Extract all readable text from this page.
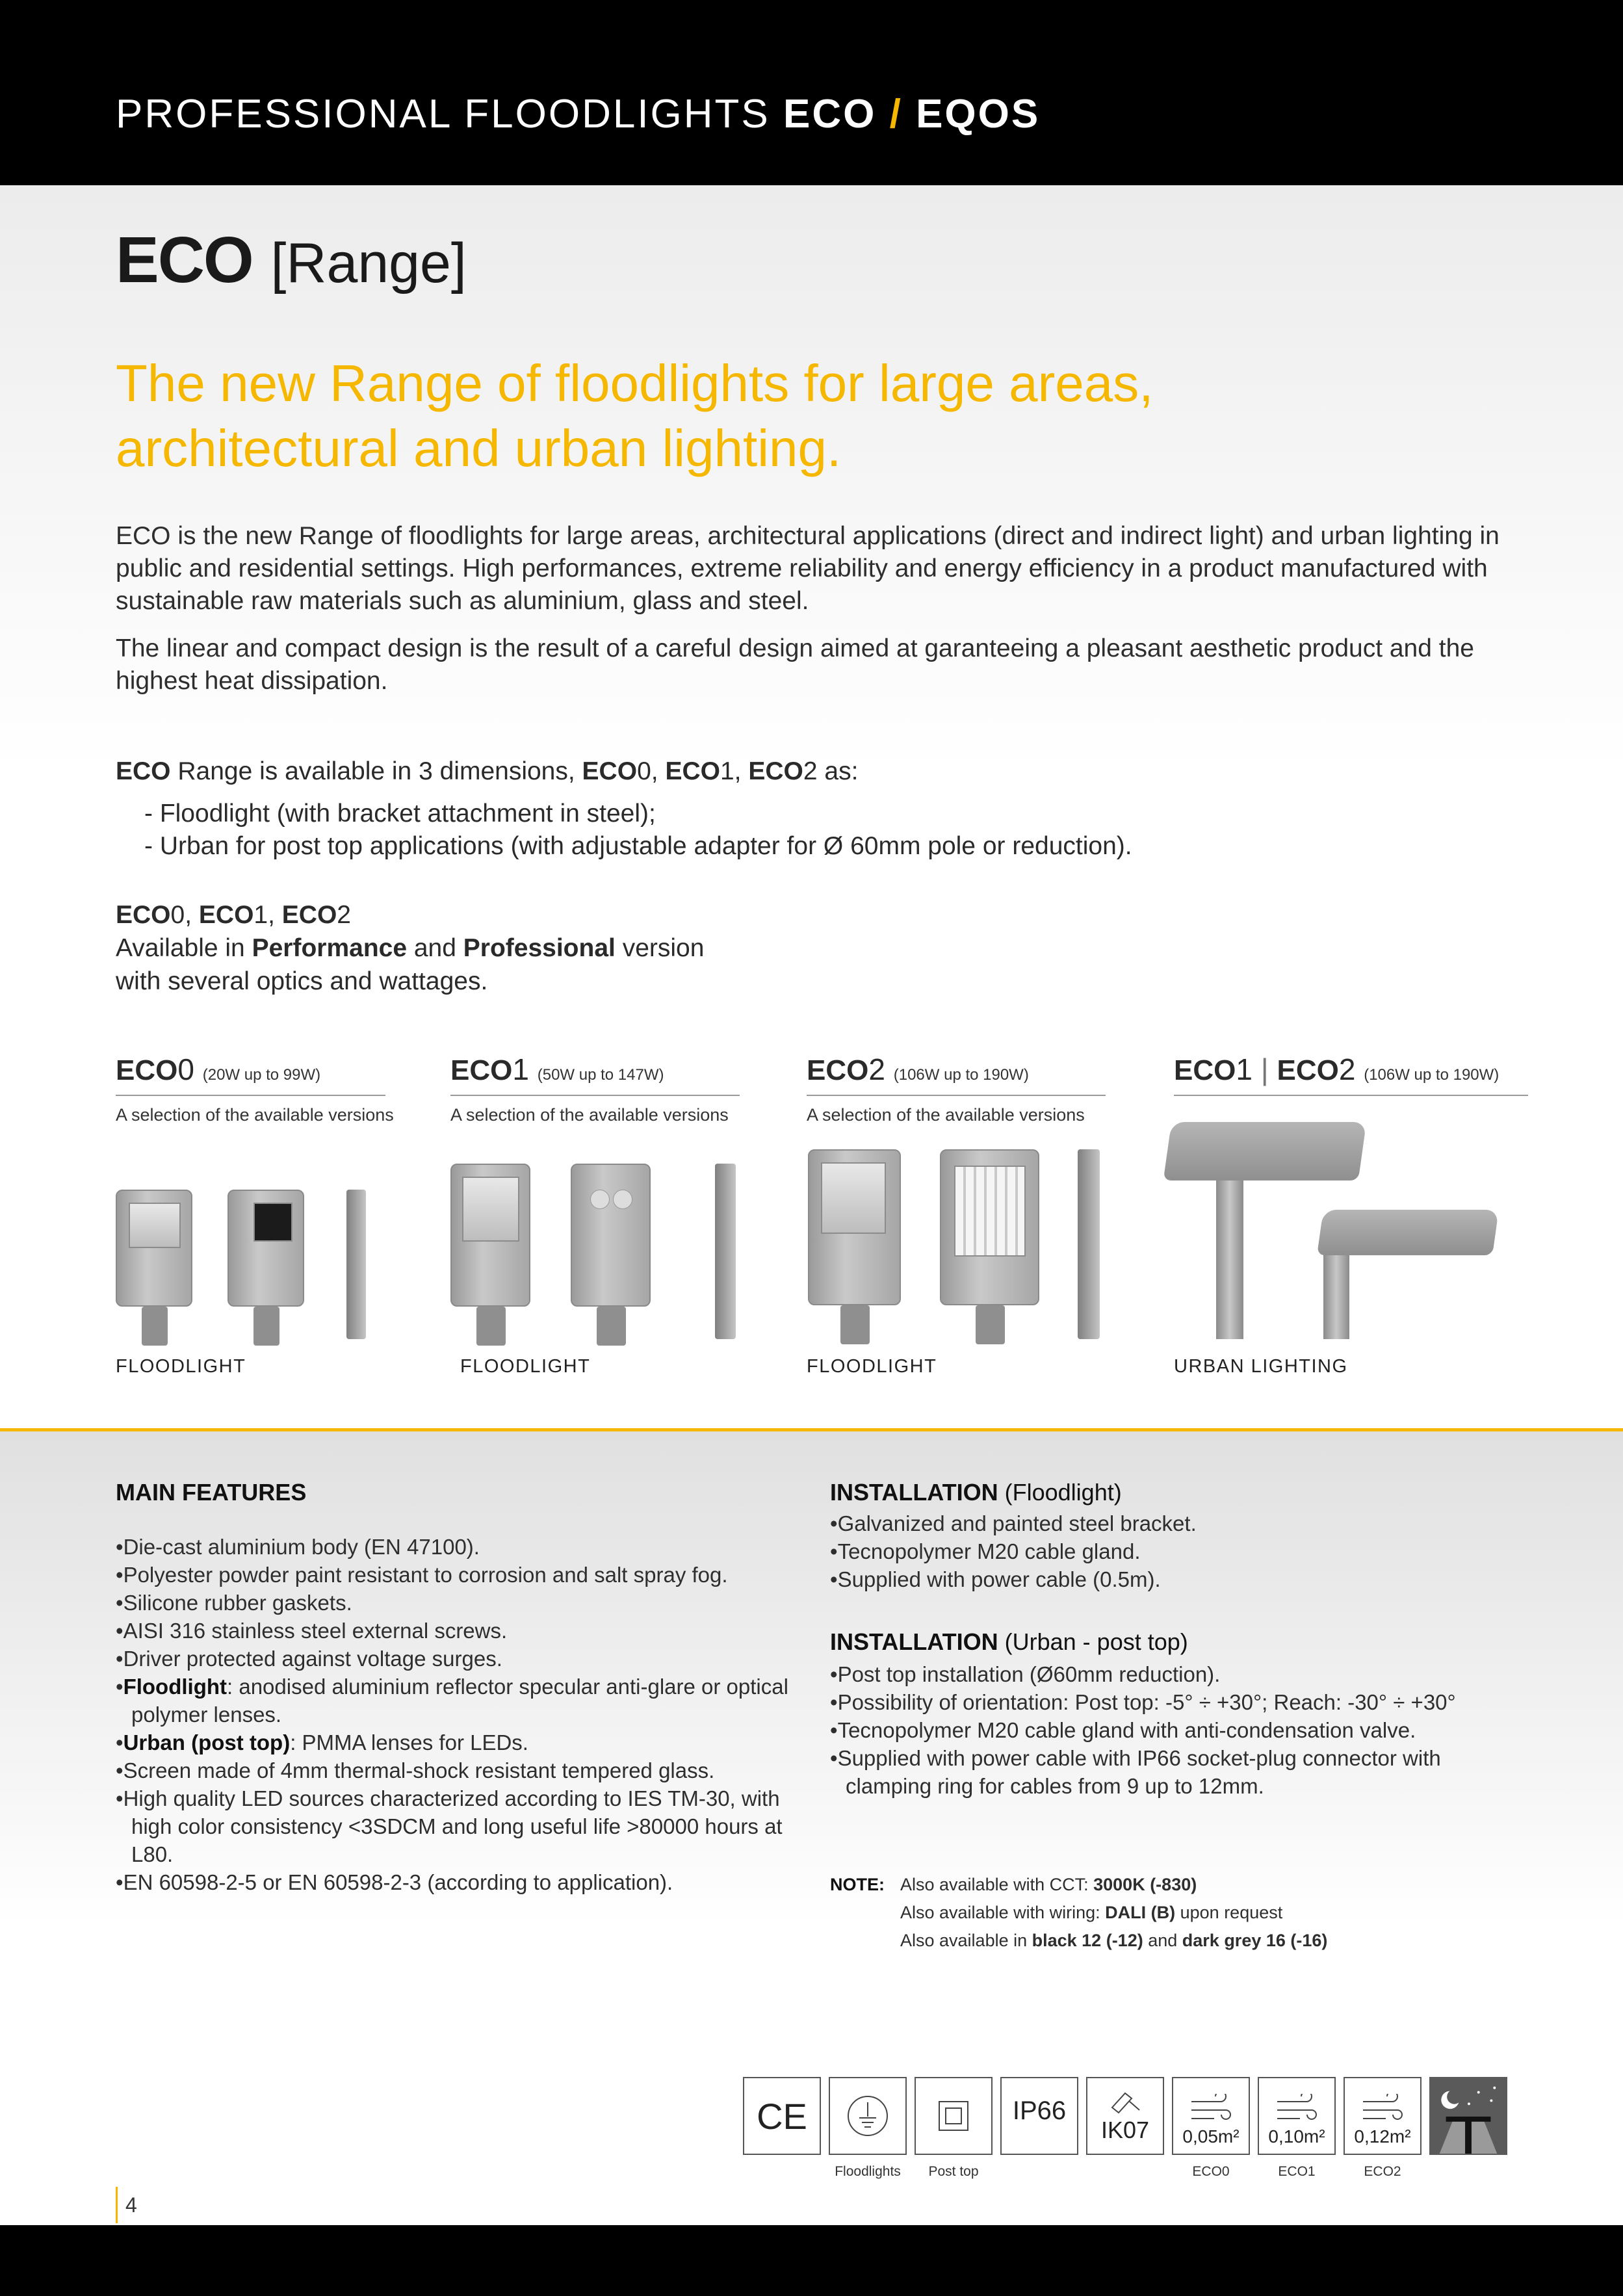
PROFESSIONAL FLOODLIGHTS ECO / EQOS
ECO [Range]
The new Range of floodlights for large areas,
architectural and urban lighting.
ECO is the new Range of floodlights for large areas, architectural applications (direct and indirect light) and urban lighting in public and residential settings. High performances, extreme reliability and energy efficiency in a product manufactured with sustainable raw materials such as aluminium, glass and steel.
The linear and compact design is the result of a careful design aimed at garanteeing a pleasant aesthetic product and the highest heat dissipation.
ECO Range is available in 3 dimensions, ECO0, ECO1, ECO2 as:
- Floodlight (with bracket attachment in steel);
- Urban for post top applications (with adjustable adapter for Ø 60mm pole or reduction).
ECO0, ECO1, ECO2
Available in Performance and Professional version
with several optics and wattages.
ECO0 (20W up to 99W)
A selection of the available versions
FLOODLIGHT
ECO1 (50W up to 147W)
A selection of the available versions
FLOODLIGHT
ECO2 (106W up to 190W)
A selection of the available versions
FLOODLIGHT
ECO1 | ECO2 (106W up to 190W)
URBAN LIGHTING
MAIN FEATURES
• Die-cast aluminium body (EN 47100).
• Polyester powder paint resistant to corrosion and salt spray fog.
• Silicone rubber gaskets.
• AISI 316 stainless steel external screws.
• Driver protected against voltage surges.
• Floodlight: anodised aluminium reflector specular anti-glare or optical polymer lenses.
• Urban (post top): PMMA lenses for LEDs.
• Screen made of 4mm thermal-shock resistant tempered glass.
• High quality LED sources characterized according to IES TM-30, with high color consistency <3SDCM and long useful life >80000 hours at L80.
• EN 60598-2-5 or EN 60598-2-3 (according to application).
INSTALLATION (Floodlight)
• Galvanized and painted steel bracket.
• Tecnopolymer M20 cable gland.
• Supplied with power cable (0.5m).
INSTALLATION (Urban - post top)
• Post top installation (Ø60mm reduction).
• Possibility of orientation: Post top: -5° ÷ +30°; Reach: -30° ÷ +30°
• Tecnopolymer M20 cable gland with anti-condensation valve.
• Supplied with power cable with IP66 socket-plug connector with clamping ring for cables from 9 up to 12mm.
NOTE: Also available with CCT: 3000K (-830)
Also available with wiring: DALI (B) upon request
Also available in black 12 (-12) and dark grey 16 (-16)
CE
Floodlights	Post top
IP66
IK07 0,05m²
ECO0
0,10m²
ECO1
0,12m²
ECO2
4
